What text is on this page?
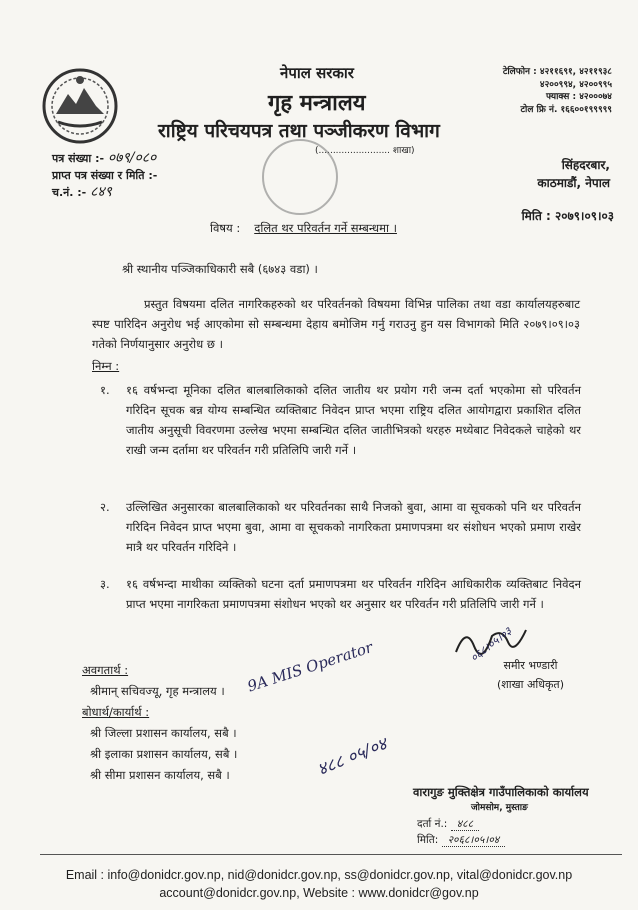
नेपाल सरकार
गृह मन्त्रालय
राष्ट्रिय परिचयपत्र तथा पञ्जीकरण विभाग
(......................... शाखा)
टेलिफोन : ४२११६९१, ४२११९३८
४२००९९४, ४२००९९५
फ्याक्स : ४२०००७४
टोल फ्रि नं. १६६००१९९९९९
पत्र संख्या :- ०७९/०८०
प्राप्त पत्र संख्या र मिति :-
च.नं. :- ८४९
सिंहदरबार,
काठमाडौं, नेपाल
मिति : २०७९।०९।०३
विषय : दलित थर परिवर्तन गर्ने सम्बन्धमा ।
श्री स्थानीय पञ्जिकाधिकारी सबै (६७४३ वडा) ।
प्रस्तुत विषयमा दलित नागरिकहरुको थर परिवर्तनको विषयमा विभिन्न पालिका तथा वडा कार्यालयहरुबाट स्पष्ट पारिदिन अनुरोध भई आएकोमा सो सम्बन्धमा देहाय बमोजिम गर्नु गराउनु हुन यस विभागको मिति २०७९।०९।०३ गतेको निर्णयानुसार अनुरोध छ ।
निम्न :
१. १६ वर्षभन्दा मूनिका दलित बालबालिकाको दलित जातीय थर प्रयोग गरी जन्म दर्ता भएकोमा सो परिवर्तन गरिदिन सूचक बन्न योग्य सम्बन्धित व्यक्तिबाट निवेदन प्राप्त भएमा राष्ट्रिय दलित आयोगद्वारा प्रकाशित दलित जातीय अनुसूची विवरणमा उल्लेख भएमा सम्बन्धित दलित जातीभित्रको थरहरु मध्येबाट निवेदकले चाहेको थर राखी जन्म दर्तामा थर परिवर्तन गरी प्रतिलिपि जारी गर्ने ।
२. उल्लिखित अनुसारका बालबालिकाको थर परिवर्तनका साथै निजको बुवा, आमा वा सूचकको पनि थर परिवर्तन गरिदिन निवेदन प्राप्त भएमा बुवा, आमा वा सूचकको नागरिकता प्रमाणपत्रमा थर संशोधन भएको प्रमाण राखेर मात्रै थर परिवर्तन गरिदिने ।
३. १६ वर्षभन्दा माथीका व्यक्तिको घटना दर्ता प्रमाणपत्रमा थर परिवर्तन गरिदिन आधिकारीक व्यक्तिबाट निवेदन प्राप्त भएमा नागरिकता प्रमाणपत्रमा संशोधन भएको थर अनुसार थर परिवर्तन गरी प्रतिलिपि जारी गर्ने ।
समीर भण्डारी
(शाखा अधिकृत)
अवगतार्थ :
श्रीमान् सचिवज्यू, गृह मन्त्रालय ।
बोधार्थ/कार्यार्थ :
श्री जिल्ला प्रशासन कार्यालय, सबै ।
श्री इलाका प्रशासन कार्यालय, सबै ।
श्री सीमा प्रशासन कार्यालय, सबै ।
9A MIS Operator
४८८ ०५/०४
०६८।०५।०३
वारागुङ मुक्तिक्षेत्र गाउँपालिकाको कार्यालय
जोमसोम, मुस्ताङ
दर्ता नं.: ४८८
मिति: २०६८।०५।०४
Email : info@donidcr.gov.np, nid@donidcr.gov.np, ss@donidcr.gov.np, vital@donidcr.gov.np
account@donidcr.gov.np, Website : www.donidcr@gov.np
